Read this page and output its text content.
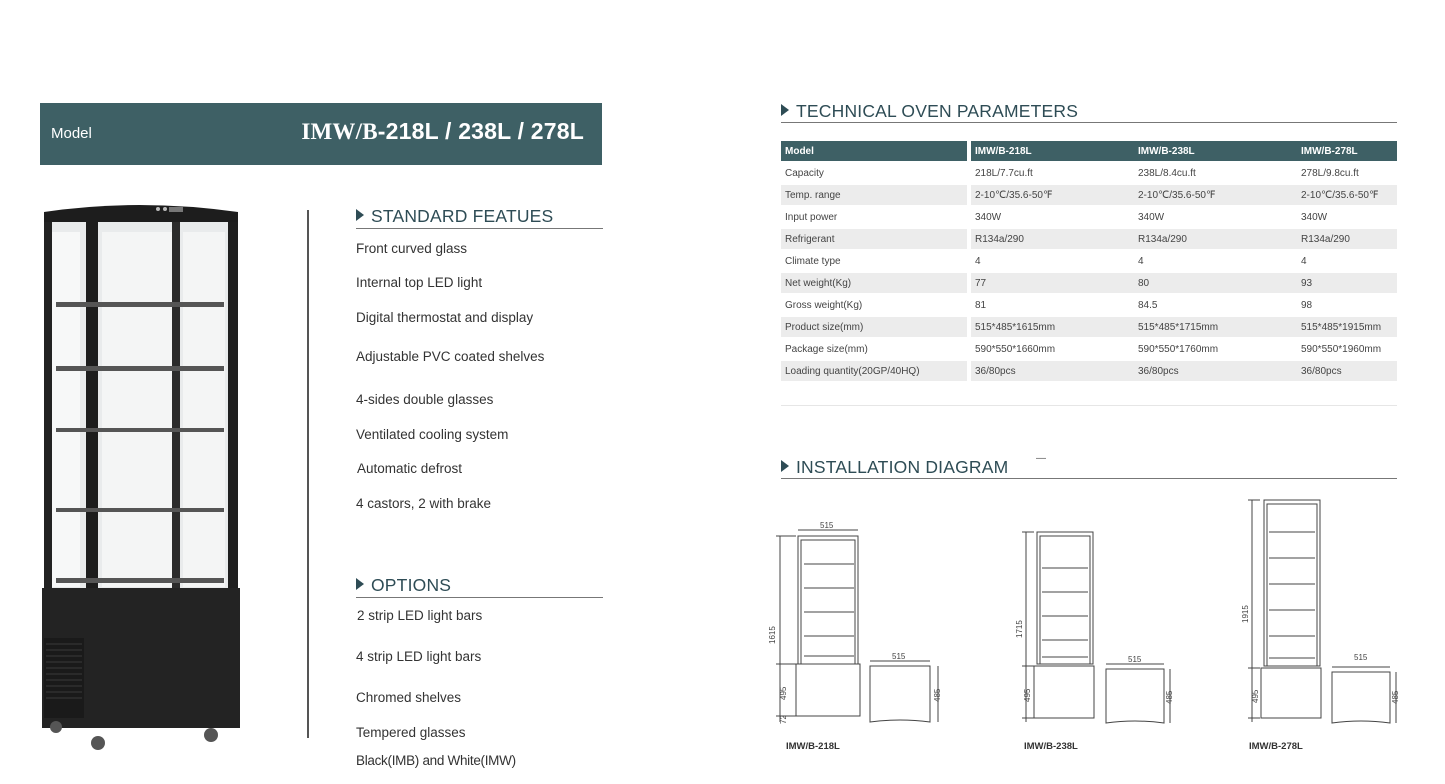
Model	IMW/B-218L / 238L / 278L
STANDARD FEATUES
Front curved glass
Internal top LED light
Digital thermostat and display
Adjustable PVC coated shelves
4-sides double glasses
Ventilated cooling system
Automatic defrost
4 castors, 2 with brake
OPTIONS
2 strip LED light bars
4 strip LED light bars
Chromed shelves
Tempered glasses
Black(IMB) and White(IMW)
TECHNICAL OVEN PARAMETERS
Model		IMW/B-218L	IMW/B-238L	IMW/B-278L
Capacity		218L/7.7cu.ft	238L/8.4cu.ft	278L/9.8cu.ft
Temp. range		2-10℃/35.6-50℉	2-10℃/35.6-50℉	2-10℃/35.6-50℉
Input power		340W	340W	340W
Refrigerant		R134a/290	R134a/290	R134a/290
Climate type		4	4	4
Net weight(Kg)		77	80	93
Gross weight(Kg)		81	84.5	98
Product size(mm)		515*485*1615mm	515*485*1715mm	515*485*1915mm
Package size(mm)		590*550*1660mm	590*550*1760mm	590*550*1960mm
Loading quantity(20GP/40HQ)		36/80pcs	36/80pcs	36/80pcs
INSTALLATION DIAGRAM	—
515
1615
495
72
515
485
1715
495
515
485
1915
495
515
485
IMW/B-218L	IMW/B-238L	IMW/B-278L
